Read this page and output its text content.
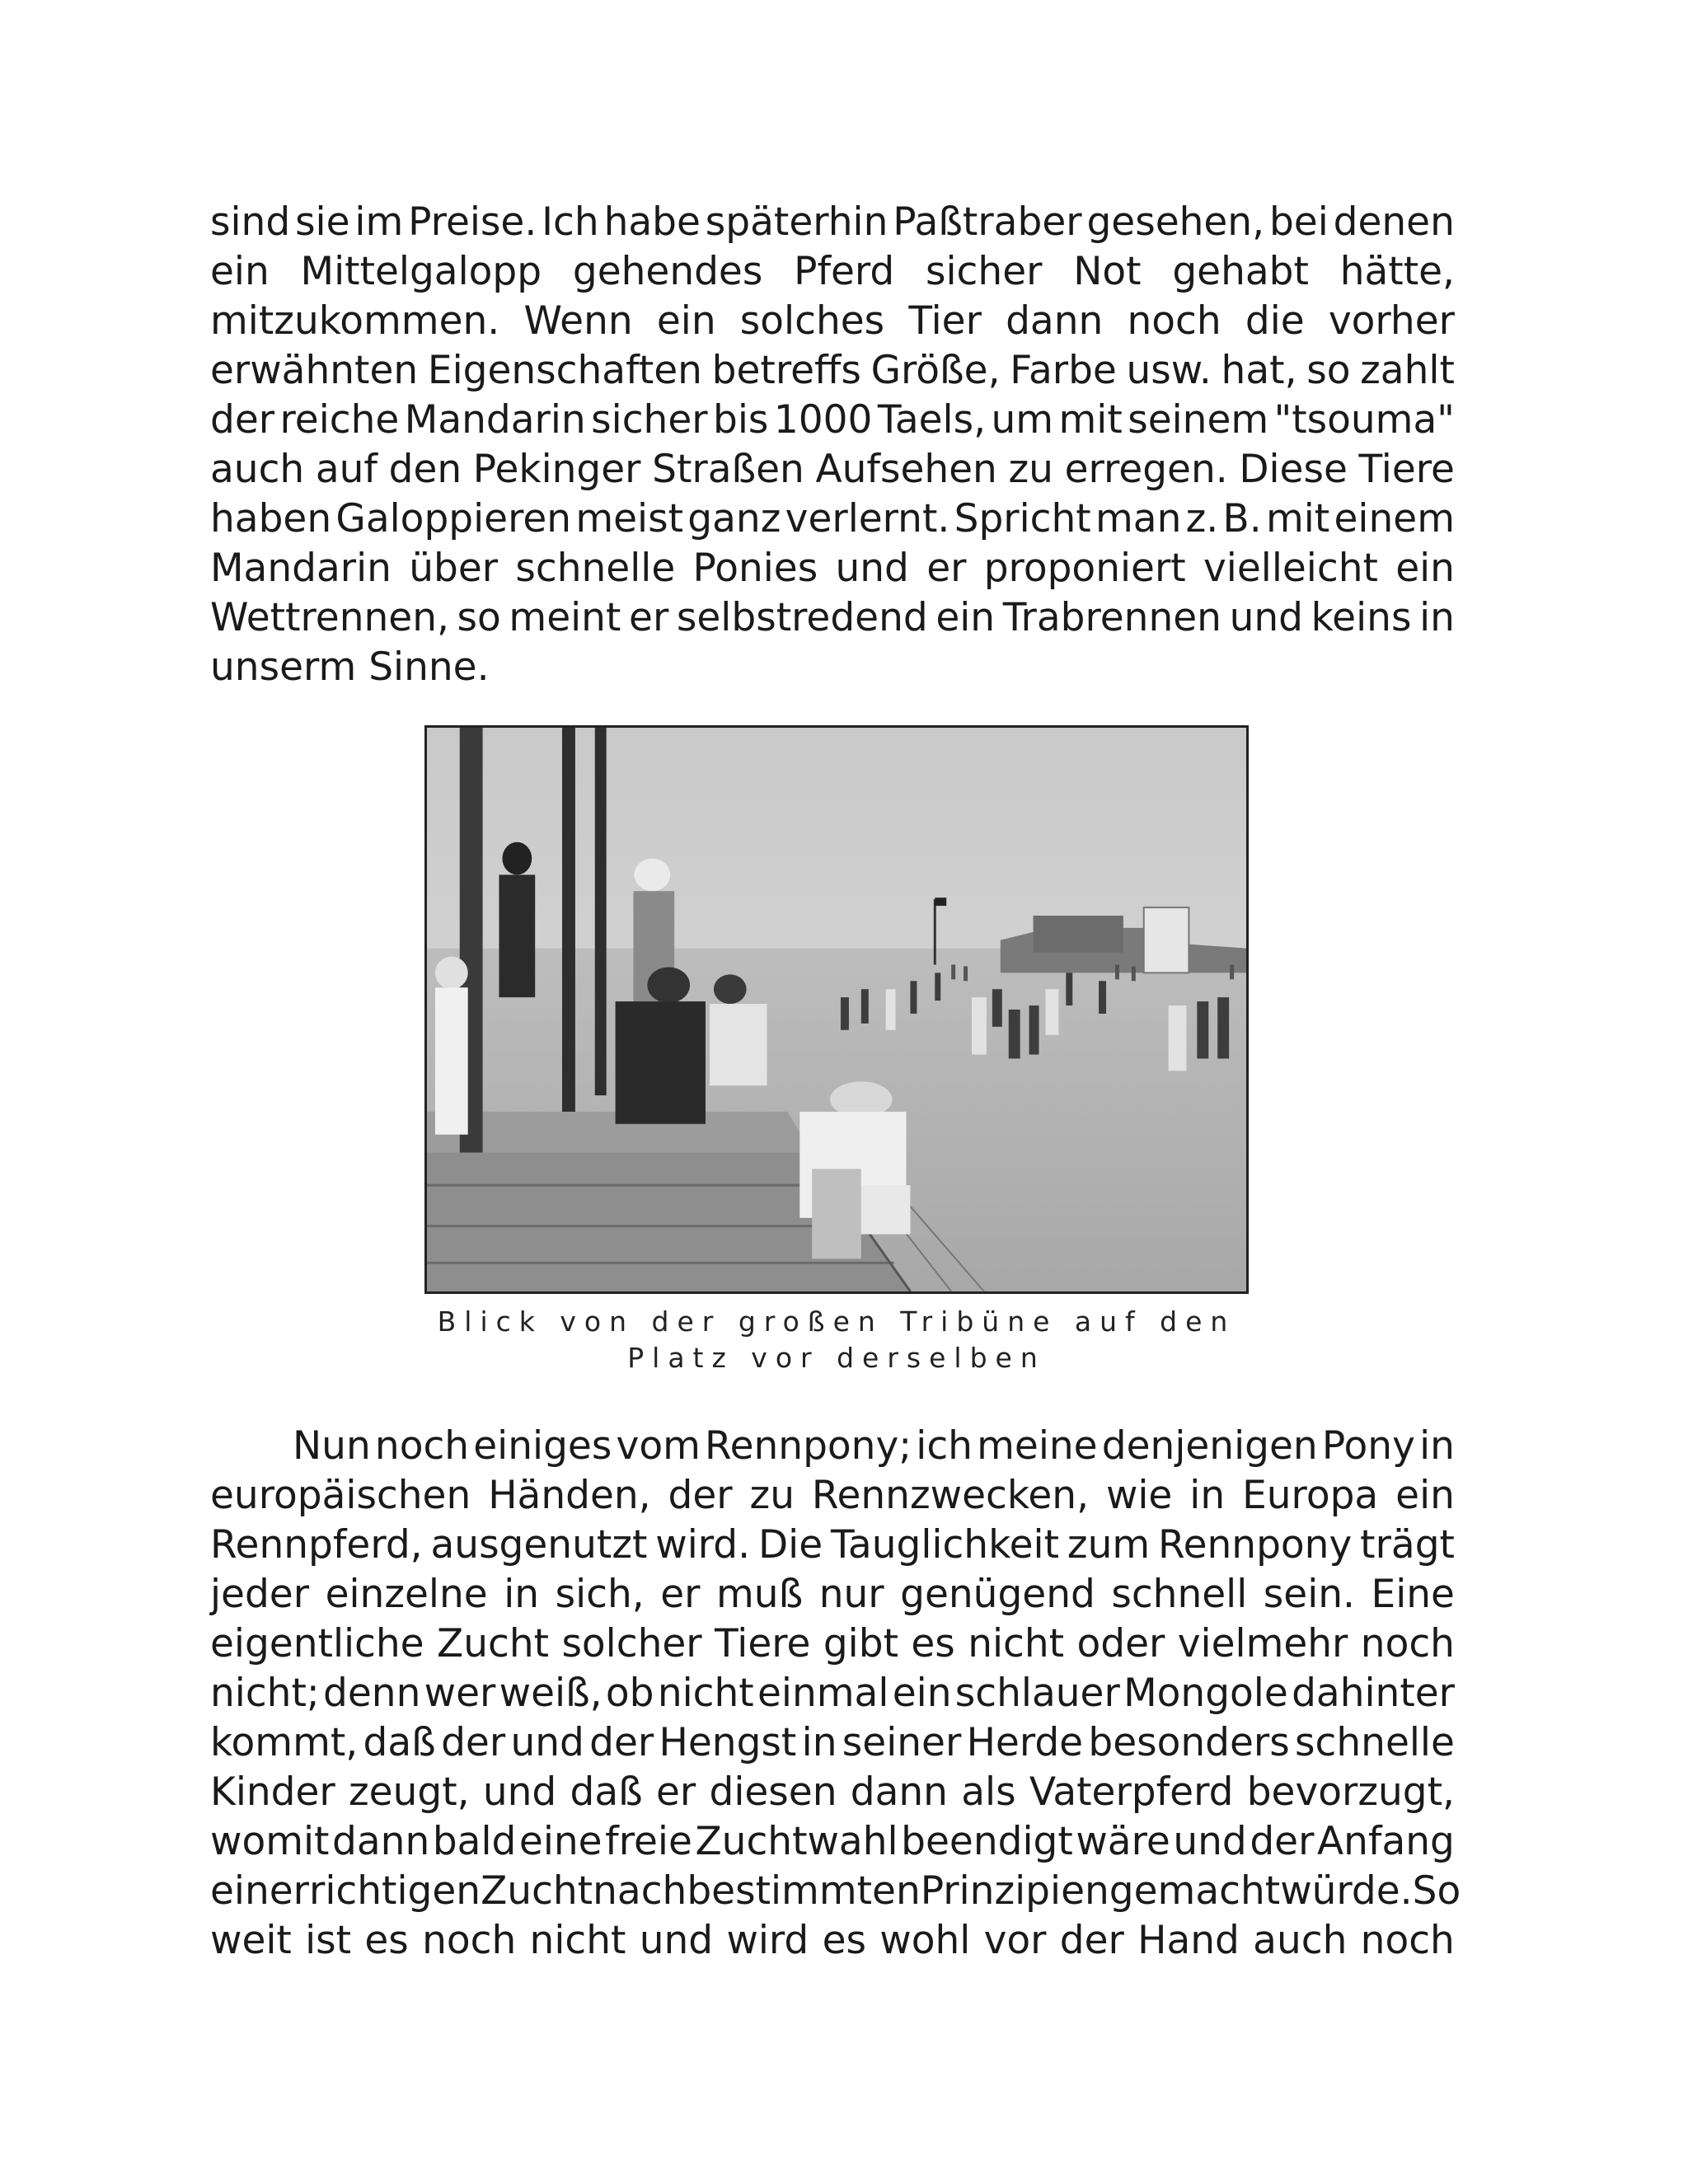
sind sie im Preise. Ich habe späterhin Paßtraber gesehen, bei denen
ein Mittelgalopp gehendes Pferd sicher Not gehabt hätte,
mitzukommen. Wenn ein solches Tier dann noch die vorher
erwähnten Eigenschaften betreffs Größe, Farbe usw. hat, so zahlt
der reiche Mandarin sicher bis 1000 Taels, um mit seinem "tsouma"
auch auf den Pekinger Straßen Aufsehen zu erregen. Diese Tiere
haben Galoppieren meist ganz verlernt. Spricht man z. B. mit einem
Mandarin über schnelle Ponies und er proponiert vielleicht ein
Wettrennen, so meint er selbstredend ein Trabrennen und keins in
unserm Sinne.
Blick von der großen Tribüne auf den
Platz vor derselben
Nun noch einiges vom Rennpony; ich meine denjenigen Pony in
europäischen Händen, der zu Rennzwecken, wie in Europa ein
Rennpferd, ausgenutzt wird. Die Tauglichkeit zum Rennpony trägt
jeder einzelne in sich, er muß nur genügend schnell sein. Eine
eigentliche Zucht solcher Tiere gibt es nicht oder vielmehr noch
nicht; denn wer weiß, ob nicht einmal ein schlauer Mongole dahinter
kommt, daß der und der Hengst in seiner Herde besonders schnelle
Kinder zeugt, und daß er diesen dann als Vaterpferd bevorzugt,
womit dann bald eine freie Zuchtwahl beendigt wäre und der Anfang
einer richtigen Zucht nach bestimmten Prinzipien gemacht würde. So
weit ist es noch nicht und wird es wohl vor der Hand auch noch
